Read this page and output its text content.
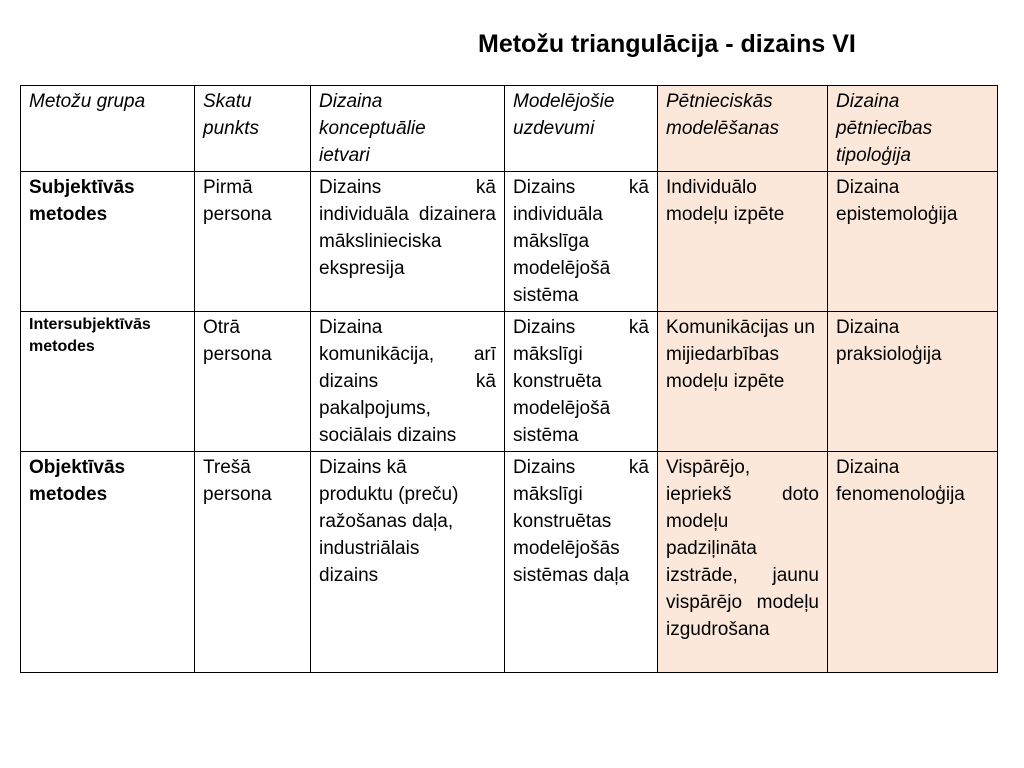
Metožu triangulācija - dizains VI
Metožu grupa	Skatu
punkts	Dizaina
konceptuālie
ietvari	Modelējošie
uzdevumi	Pētnieciskās
modelēšanas	Dizaina
pētniecības
tipoloģija
Subjektīvās
metodes	Pirmā
persona	Dizains kā individuāla dizainera mākslinieciska ekspresija	Dizains kā individuāla mākslīga modelējošā sistēma	Individuālo
modeļu izpēte	Dizaina
epistemoloģija
Intersubjektīvās
metodes	Otrā
persona	Dizaina komunikācija, arī dizains kā pakalpojums, sociālais dizains	Dizains kā mākslīgi konstruēta modelējošā sistēma	Komunikācijas un mijiedarbības modeļu izpēte	Dizaina
praksioloģija
Objektīvās
metodes	Trešā
persona	Dizains kā
produktu (preču)
ražošanas daļa,
industriālais
dizains	Dizains kā mākslīgi konstruētas modelējošās sistēmas daļa	Vispārējo, iepriekš doto modeļu padziļināta izstrāde, jaunu vispārējo modeļu izgudrošana	Dizaina
fenomenoloģija
